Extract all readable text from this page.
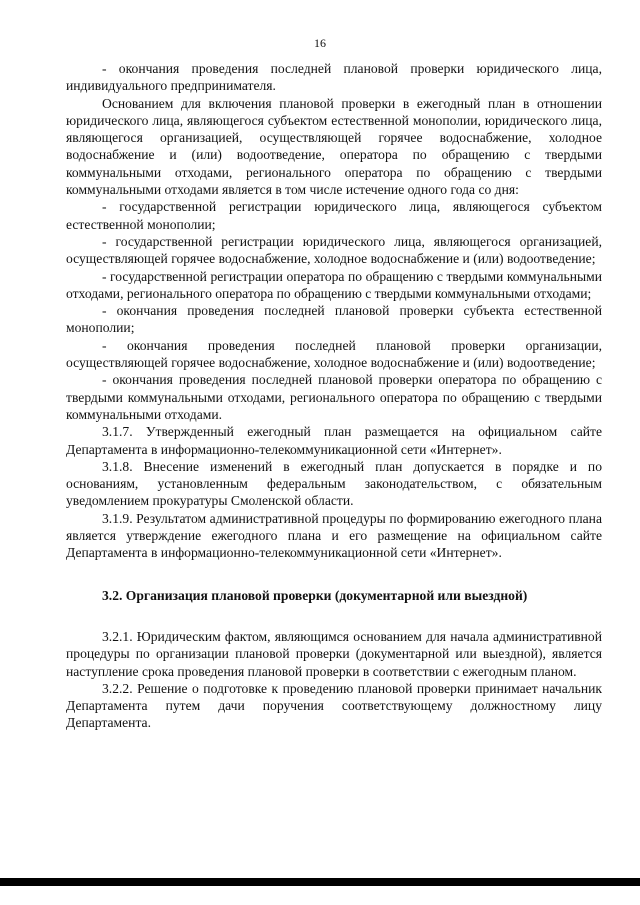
16

- окончания проведения последней плановой проверки юридического лица, индивидуального предпринимателя.

Основанием для включения плановой проверки в ежегодный план в отношении юридического лица, являющегося субъектом естественной монополии, юридического лица, являющегося организацией, осуществляющей горячее водоснабжение, холодное водоснабжение и (или) водоотведение, оператора по обращению с твердыми коммунальными отходами, регионального оператора по обращению с твердыми коммунальными отходами является в том числе истечение одного года со дня:

- государственной регистрации юридического лица, являющегося субъектом естественной монополии;

- государственной регистрации юридического лица, являющегося организацией, осуществляющей горячее водоснабжение, холодное водоснабжение и (или) водоотведение;

- государственной регистрации оператора по обращению с твердыми коммунальными отходами, регионального оператора по обращению с твердыми коммунальными отходами;

- окончания проведения последней плановой проверки субъекта естественной монополии;

- окончания проведения последней плановой проверки организации, осуществляющей горячее водоснабжение, холодное водоснабжение и (или) водоотведение;

- окончания проведения последней плановой проверки оператора по обращению с твердыми коммунальными отходами, регионального оператора по обращению с твердыми коммунальными отходами.

3.1.7. Утвержденный ежегодный план размещается на официальном сайте Департамента в информационно-телекоммуникационной сети «Интернет».

3.1.8. Внесение изменений в ежегодный план допускается в порядке и по основаниям, установленным федеральным законодательством, с обязательным уведомлением прокуратуры Смоленской области.

3.1.9. Результатом административной процедуры по формированию ежегодного плана является утверждение ежегодного плана и его размещение на официальном сайте Департамента в информационно-телекоммуникационной сети «Интернет».

3.2. Организация плановой проверки (документарной или выездной)

3.2.1. Юридическим фактом, являющимся основанием для начала административной процедуры по организации плановой проверки (документарной или выездной), является наступление срока проведения плановой проверки в соответствии с ежегодным планом.

3.2.2. Решение о подготовке к проведению плановой проверки принимает начальник Департамента путем дачи поручения соответствующему должностному лицу Департамента.
